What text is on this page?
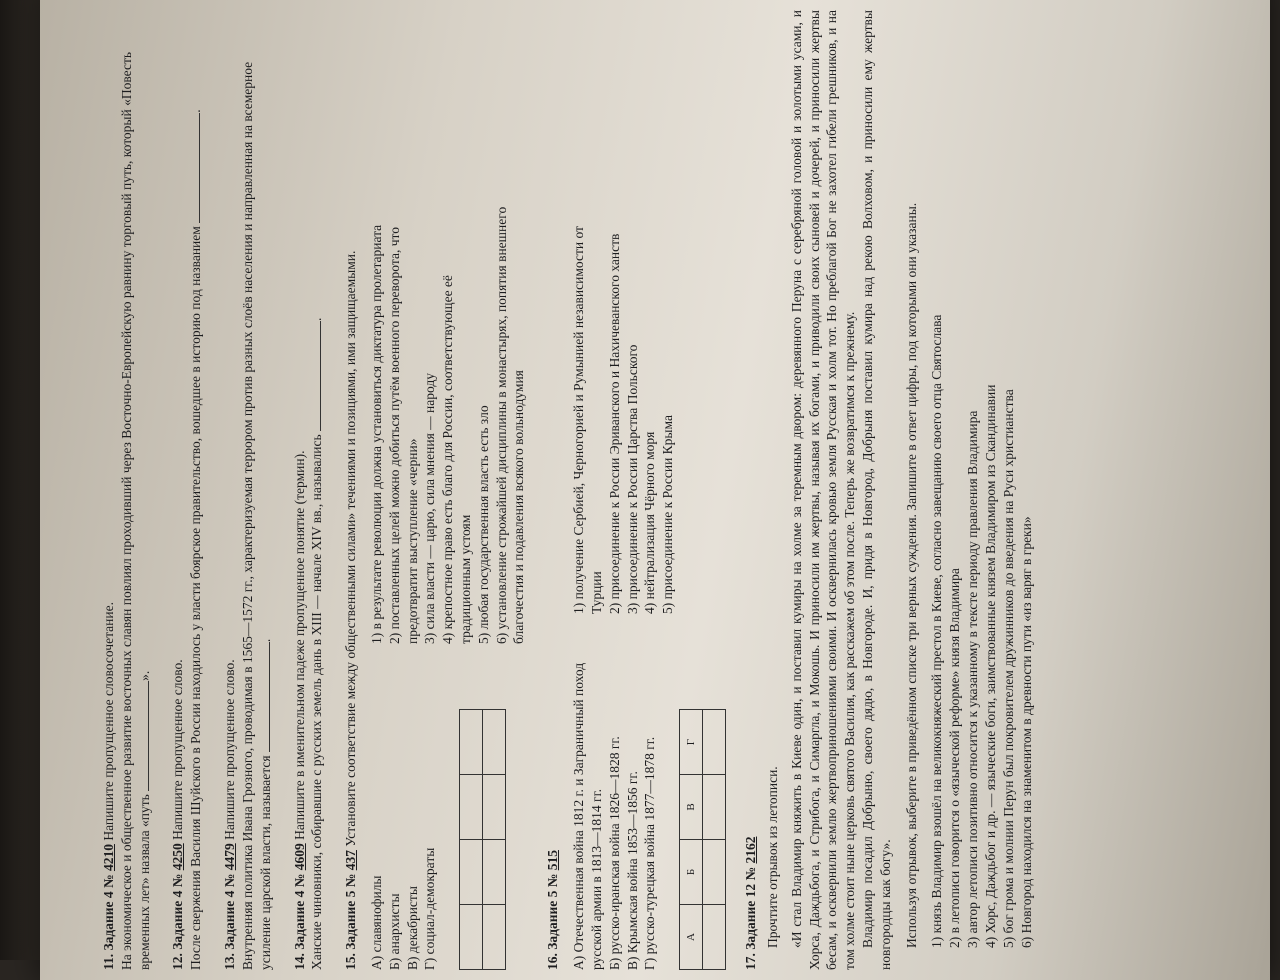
11. Задание 4 № 4210 Напишите пропущенное словосочетание. На экономическое и общественное развитие восточных славян повлиял проходивший через Восточно-Европейскую равнину торговый путь, который «Повесть временных лет» назвала «путь ».

12. Задание 4 № 4250 Напишите пропущенное слово. После свержения Василия Шуйского в России находилось у власти боярское правительство, вошедшее в историю под названием .

13. Задание 4 № 4479 Напишите пропущенное слово. Внутренняя политика Ивана Грозного, проводимая в 1565—1572 гг., характеризуемая террором против разных слоёв населения и направленная на всемерное усиление царской власти, называется .

14. Задание 4 № 4609 Напишите в именительном падеже пропущенное понятие (термин). Ханские чиновники, собиравшие с русских земель дань в XIII — начале XIV вв., назывались .

15. Задание 5 № 437 Установите соответствие между общественными силами» течениями и позициями, ими защищаемыми.

А) славянофилы Б) анархисты В) декабристы Г) социал-демократы

1) в результате революции должна установиться диктатура пролетариата 2) поставленных целей можно добиться путём военного переворота, что предотвратит выступление «черни» 3) сила власти — царю, сила мнения — народу 4) крепостное право есть благо для России, соответствующее её традиционным устоям 5) любая государственная власть есть зло 6) установление строжайшей дисциплины в монастырях, попятия внешнего благочестия и подавления всякого вольнодумия

16. Задание 5 № 515 А) Отечественная война 1812 г. и Заграничный поход русской армии в 1813—1814 гг. Б) русско-иранская война 1826—1828 гг. В) Крымская война 1853—1856 гг. Г) русско-турецкая война 1877—1878 гг.	А	Б	В	Г

1) получение Сербией, Черногорией и Румынией независимости от Турции 2) присоединение к России Эриванского и Нахичеванского ханств 3) присоединение к России Царства Польского 4) нейтрализация Чёрного моря 5) присоединение к России Крыма

17. Задание 12 № 2162 Прочтите отрывок из летописи. «И стал Владимир княжить в Киеве один, и поставил кумиры на холме за теремным двором: деревянного Перуна с серебряной головой и золотыми усами, и Хорса, Даждьбога, и Стрибога, и Симаргла, и Мокошь. И приносили им жертвы, называя их богами, и приводили своих сыновей и дочерей, и приносили жертвы бесам, и осквернили землю жертвоприношениями своими. И осквернилась кровью земля Русская и холм тот. Но преблагой Бог не захотел гибели грешников, и на том холме стоит ныне церковь святого Василия, как расскажем об этом после. Теперь же возвратимся к прежнему. Владимир посадил Добрыню, своего дядю, в Новгороде. И, придя в Новгород, Добрыня поставил кумира над рекою Волховом, и приносили ему жертвы новгородцы как богу». Используя отрывок, выберите в приведённом списке три верных суждения. Запишите в ответ цифры, под которыми они указаны. 1) князь Владимир взошёл на великокняжеский престол в Киеве, согласно завещанию своего отца Святослава 2) в летописи говорится о «языческой реформе» князя Владимира 3) автор летописи позитивно относится к указанному в тексте периоду правления Владимира 4) Хорс, Даждьбог и др. — языческие боги, заимствованные князем Владимиром из Скандинавии 5) бог грома и молнии Перун был покровителем дружинников до введения на Руси христианства 6) Новгород находился на знаменитом в древности пути «из варяг в греки»
